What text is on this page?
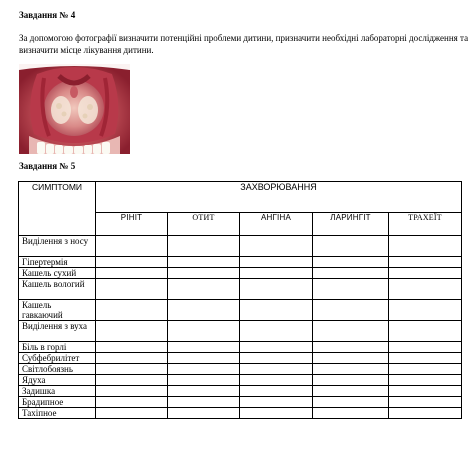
Завдання № 4
За допомогою фотографії визначити потенційні проблеми дитини, призначити необхідні лабораторні дослідження та визначити місце лікування дитини.
Завдання № 5
СИМПТОМИ	ЗАХВОРЮВАННЯ				
	РІНІТ	ОТИТ	АНГІНА	ЛАРИНГІТ	ТРАХЕЇТ
Виділення з носу					
Гіпертермія					
Кашель сухий					
Кашель вологий					
Кашель гавкаючий					
Виділення з вуха					
Біль в горлі					
Субфебрилітет					
Світлобоязнь					
Ядуха					
Задишка					
Брадипное					
Тахіпное					
